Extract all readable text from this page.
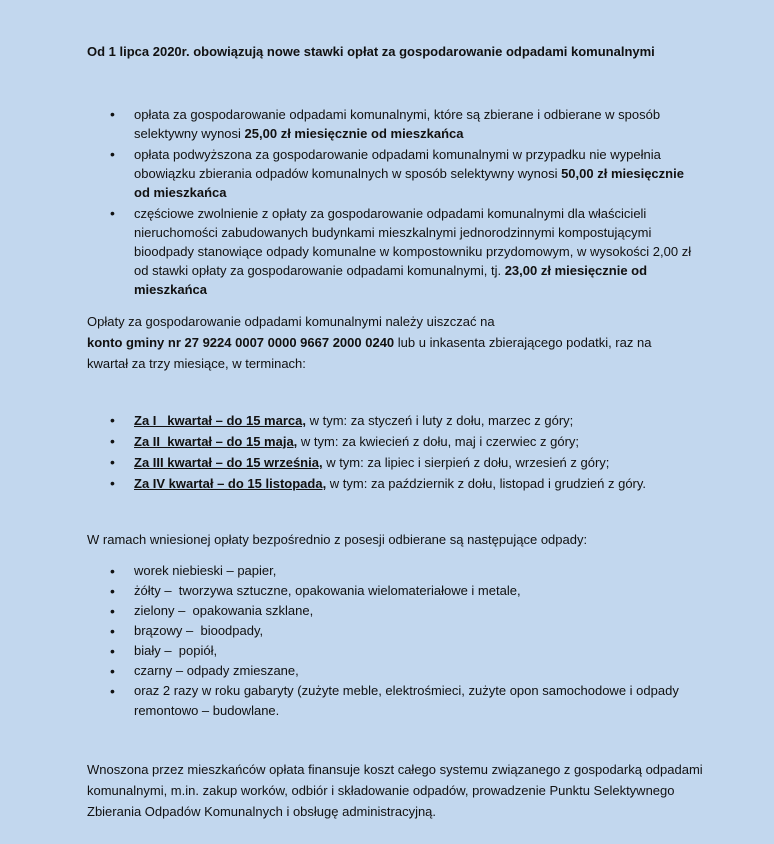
Od 1 lipca 2020r. obowiązują nowe stawki opłat za gospodarowanie odpadami komunalnymi
• opłata za gospodarowanie odpadami komunalnymi, które są zbierane i odbierane w sposób selektywny wynosi 25,00 zł miesięcznie od mieszkańca
• opłata podwyższona za gospodarowanie odpadami komunalnymi w przypadku nie wypełnia obowiązku zbierania odpadów komunalnych w sposób selektywny wynosi 50,00 zł miesięcznie od mieszkańca
• częściowe zwolnienie z opłaty za gospodarowanie odpadami komunalnymi dla właścicieli nieruchomości zabudowanych budynkami mieszkalnymi jednorodzinnymi kompostującymi bioodpady stanowiące odpady komunalne w kompostowniku przydomowym, w wysokości 2,00 zł od stawki opłaty za gospodarowanie odpadami komunalnymi, tj. 23,00 zł miesięcznie od mieszkańca
Opłaty za gospodarowanie odpadami komunalnymi należy uiszczać na
konto gminy nr 27 9224 0007 0000 9667 2000 0240 lub u inkasenta zbierającego podatki, raz na kwartał za trzy miesiące, w terminach:
• Za I   kwartał – do 15 marca, w tym: za styczeń i luty z dołu, marzec z góry;
• Za II  kwartał – do 15 maja, w tym: za kwiecień z dołu, maj i czerwiec z góry;
• Za III kwartał – do 15 września, w tym: za lipiec i sierpień z dołu, wrzesień z góry;
• Za IV kwartał – do 15 listopada, w tym: za październik z dołu, listopad i grudzień z góry.
W ramach wniesionej opłaty bezpośrednio z posesji odbierane są następujące odpady:
• worek niebieski – papier,
• żółty –  tworzywa sztuczne, opakowania wielomateriałowe i metale,
• zielony –  opakowania szklane,
• brązowy –  bioodpady,
• biały –  popiół,
• czarny – odpady zmieszane,
• oraz 2 razy w roku gabaryty (zużyte meble, elektrośmieci, zużyte opon samochodowe i odpady remontowo – budowlane.
Wnoszona przez mieszkańców opłata finansuje koszt całego systemu związanego z gospodarką odpadami komunalnymi, m.in. zakup worków, odbiór i składowanie odpadów, prowadzenie Punktu Selektywnego Zbierania Odpadów Komunalnych i obsługę administracyjną.
